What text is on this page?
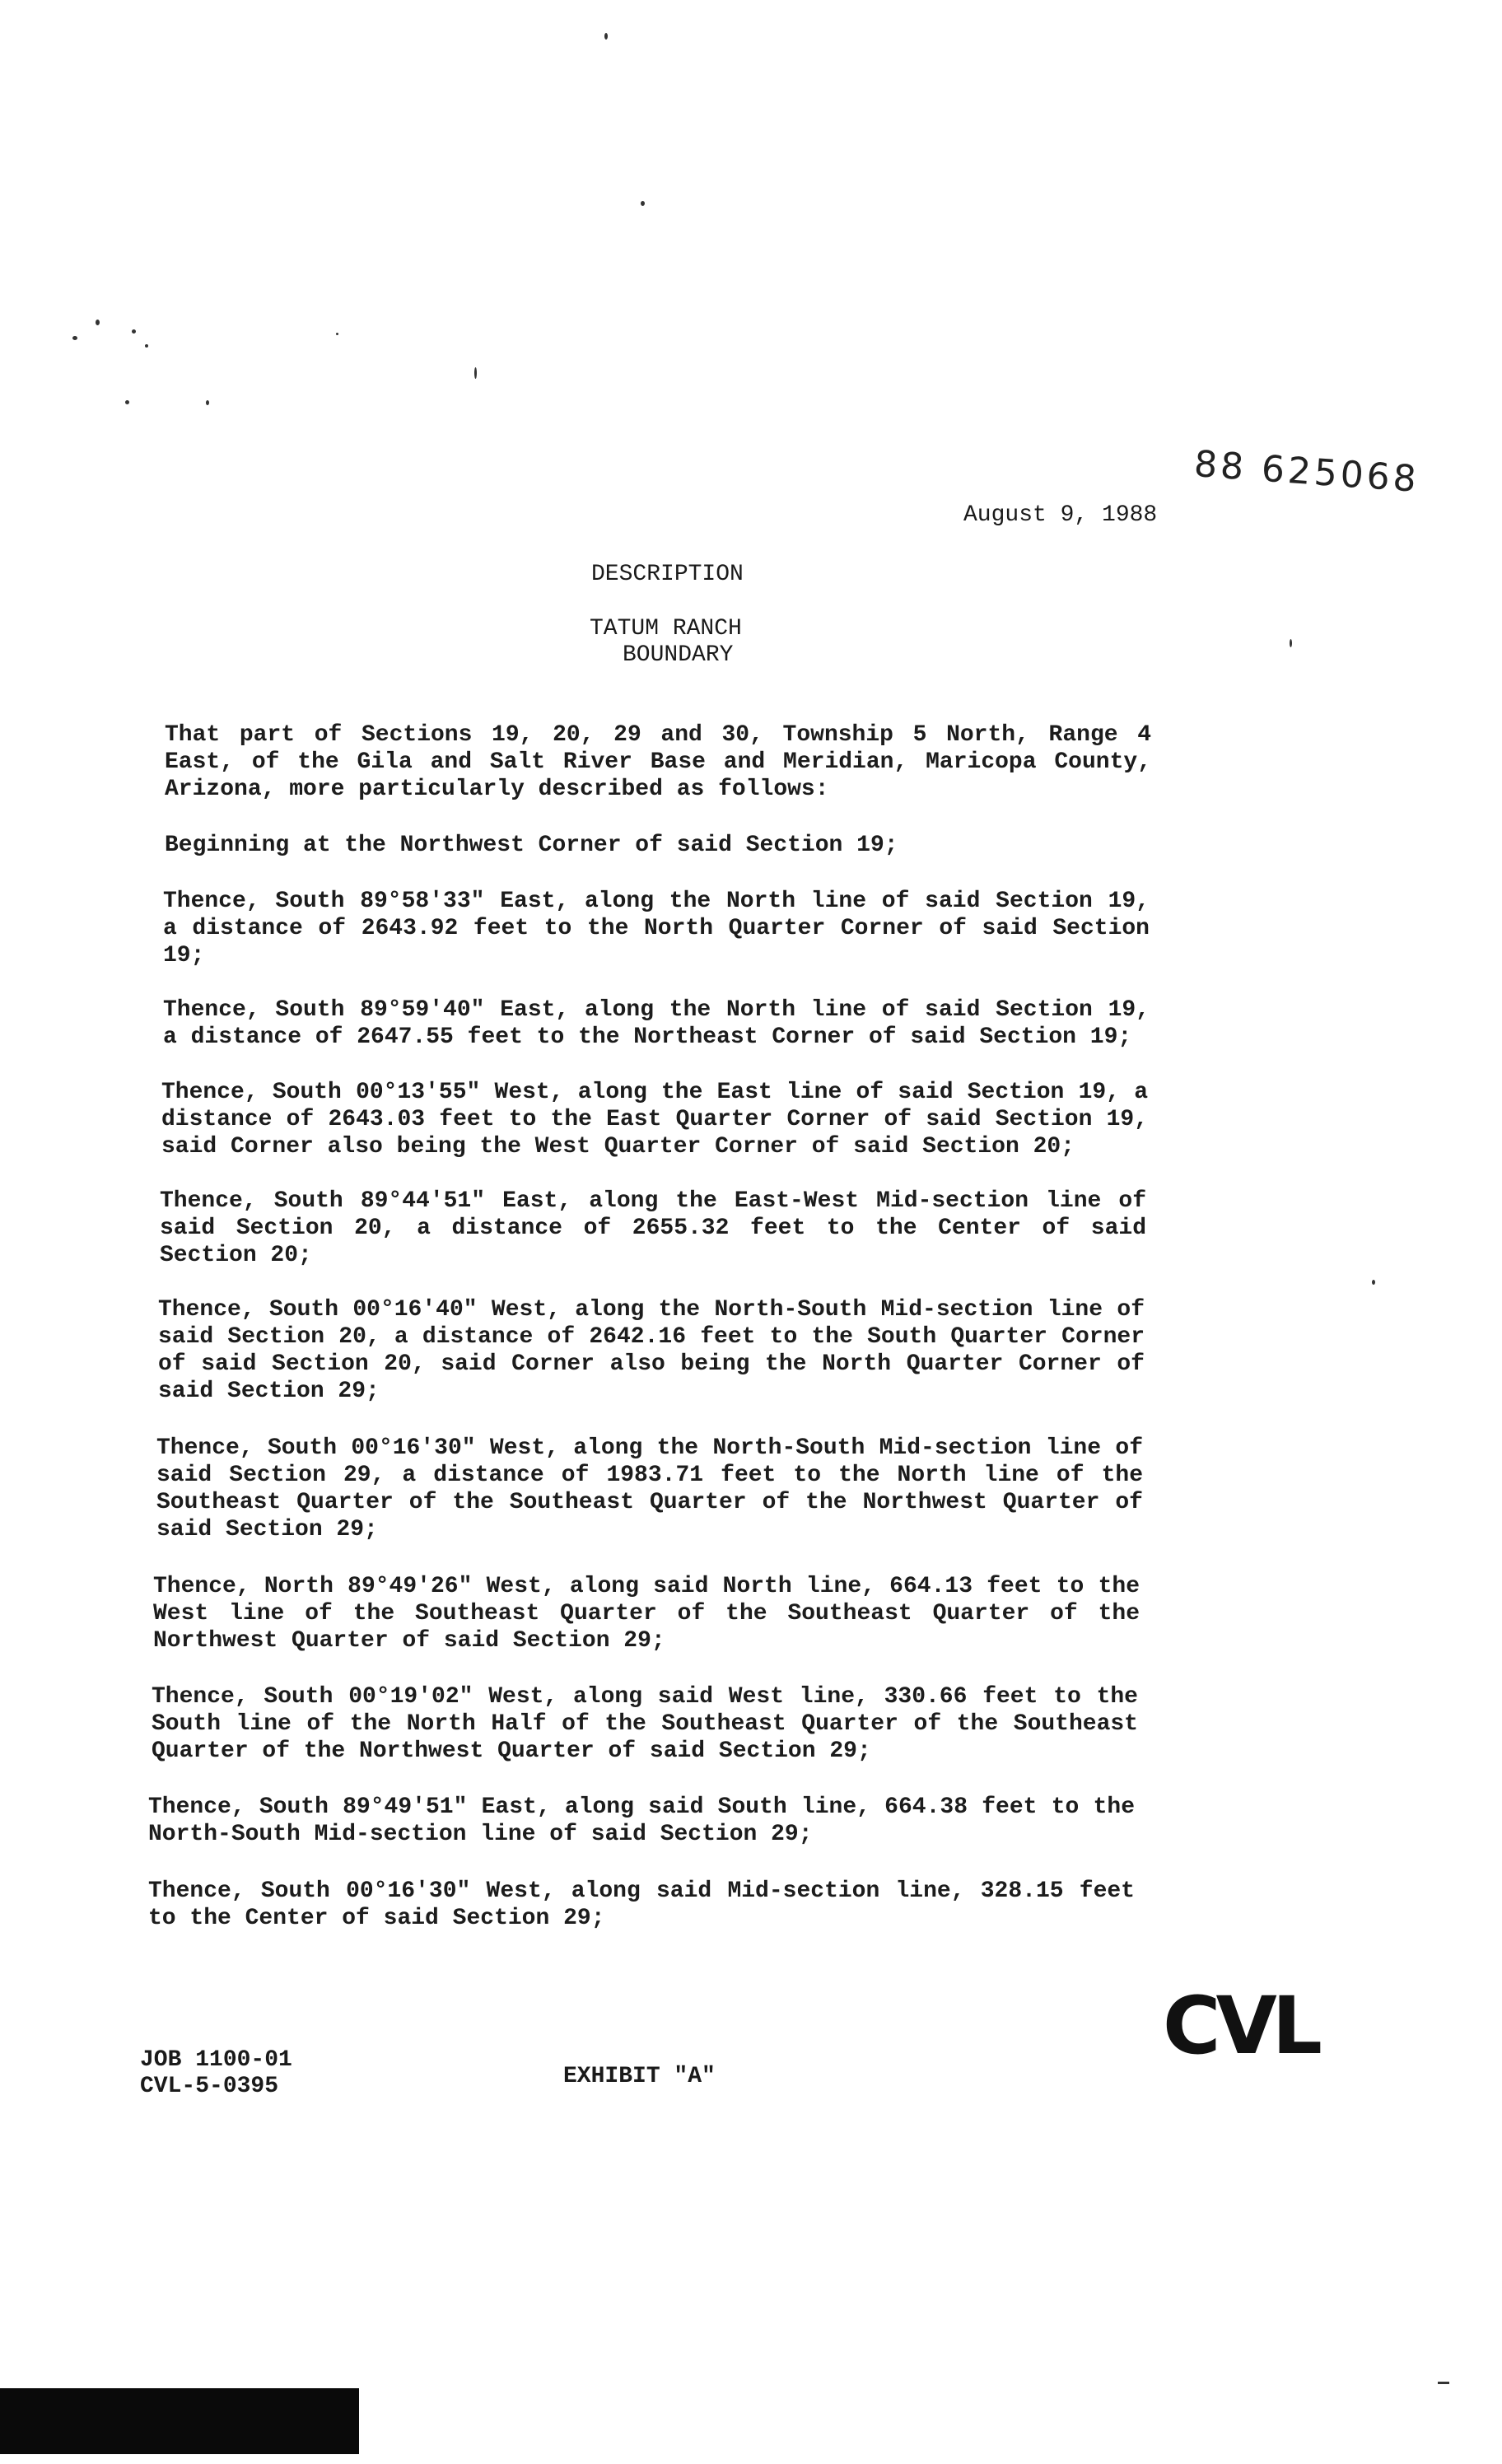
88 625068
August 9, 1988
DESCRIPTION
TATUM RANCH
BOUNDARY
That part of Sections 19, 20, 29 and 30, Township 5 North, Range 4 East, of the Gila and Salt River Base and Meridian, Maricopa County, Arizona, more particularly described as follows:
Beginning at the Northwest Corner of said Section 19;
Thence, South 89°58'33" East, along the North line of said Section 19, a distance of 2643.92 feet to the North Quarter Corner of said Section 19;
Thence, South 89°59'40" East, along the North line of said Section 19, a distance of 2647.55 feet to the Northeast Corner of said Section 19;
Thence, South 00°13'55" West, along the East line of said Section 19, a distance of 2643.03 feet to the East Quarter Corner of said Section 19, said Corner also being the West Quarter Corner of said Section 20;
Thence, South 89°44'51" East, along the East-West Mid-section line of said Section 20, a distance of 2655.32 feet to the Center of said Section 20;
Thence, South 00°16'40" West, along the North-South Mid-section line of said Section 20, a distance of 2642.16 feet to the South Quarter Corner of said Section 20, said Corner also being the North Quarter Corner of said Section 29;
Thence, South 00°16'30" West, along the North-South Mid-section line of said Section 29, a distance of 1983.71 feet to the North line of the Southeast Quarter of the Southeast Quarter of the Northwest Quarter of said Section 29;
Thence, North 89°49'26" West, along said North line, 664.13 feet to the West line of the Southeast Quarter of the Southeast Quarter of the Northwest Quarter of said Section 29;
Thence, South 00°19'02" West, along said West line, 330.66 feet to the South line of the North Half of the Southeast Quarter of the Southeast Quarter of the Northwest Quarter of said Section 29;
Thence, South 89°49'51" East, along said South line, 664.38 feet to the North-South Mid-section line of said Section 29;
Thence, South 00°16'30" West, along said Mid-section line, 328.15 feet to the Center of said Section 29;
CVL
JOB 1100-01
CVL-5-0395	EXHIBIT "A"
